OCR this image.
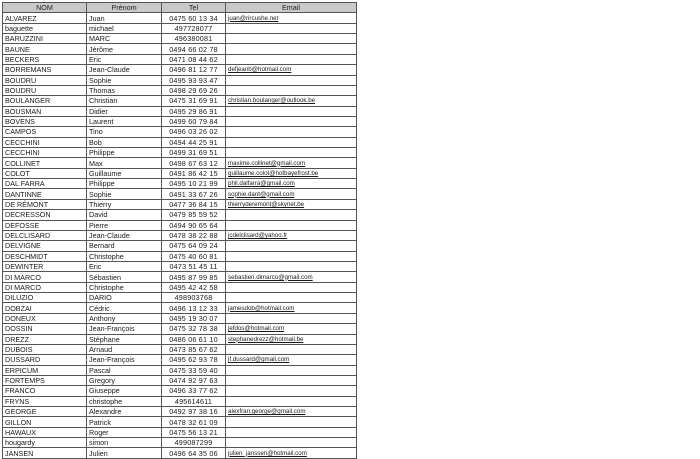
NOM	Prénom	Tel	Email
ALVAREZ	Juan	0475 60 13 34	juan@rircushe.net
baguette	michael	497728077	
BARUZZINI	MARC	496380081	
BAUNE	Jérôme	0494 66 02 78	
BECKERS	Eric	0471 08 44 62	
BORREMANS	Jean-Claude	0496 81 12 77	defjeanb@hotmail.com
BOUDRU	Sophie	0495 93 93 47	
BOUDRU	Thomas	0498 29 69 26	
BOULANGER	Christian	0475 31 69 91	christian.boulanger@outlook.be
BOUSMAN	Didier	0495 29 86 91	
BOVENS	Laurent	0499 60 79 84	
CAMPOS	Tino	0496 03 26 02	
CECCHINI	Bob	0494 44 25 91	
CECCHINI	Philippe	0499 31 69 51	
COLLINET	Max	0498 67 63 12	maxime.collinet@gmail.com
COLOT	Guillaume	0491 86 42 15	guillaume.colot@hotbayefrost.be
DAL FARRA	Philippe	0495 10 21 99	phil.dalfarra@gmail.com
DANTINNE	Sophie	0491 33 67 26	sophie.dant@gmail.com
DE RÉMONT	Thierry	0477 36 84 15	thierryderemont@skynet.be
DECRESSON	David	0479 85 59 52	
DEFOSSE	Pierre	0494 90 65 64	
DELCLISARD	Jean-Claude	0478 38 22 88	jcdelclisard@yahoo.fr
DELVIGNE	Bernard	0475 64 09 24	
DESCHMIDT	Christophe	0475 40 60 81	
DEWINTER	Eric	0473 51 45 11	
DI MARCO	Sébastien	0495 87 99 85	sebastien.dimarco@gmail.com
DI MARCO	Christophe	0495 42 42 58	
DILUZIO	DARIO	498903768	
DOBZAI	Cédric	0496 13 12 33	jamesdob@hotmail.com
DONEUX	Anthony	0495 19 30 07	
DOSSIN	Jean-François	0475 32 78 38	jefdos@hotmail.com
DREZZ	Stéphane	0486 06 61 10	stephanedrezz@hotmail.be
DUBOIS	Arnaud	0473 85 67 62	
DUSSARD	Jean-François	0495 62 93 78	jf.dussard@gmail.com
ERPICUM	Pascal	0475 33 59 40	
FORTEMPS	Gregory	0474 92 97 63	
FRANCO	Giuseppe	0496 33 77 62	
FRYNS	christophe	495614611	
GEORGE	Alexandre	0492 97 38 16	alexfran.george@gmail.com
GILLON	Patrick	0478 32 61 09	
HAWAUX	Roger	0475 56 13 21	
hougardy	simon	499087299	
JANSEN	Julien	0496 64 35 06	julien_janssen@hotmail.com
